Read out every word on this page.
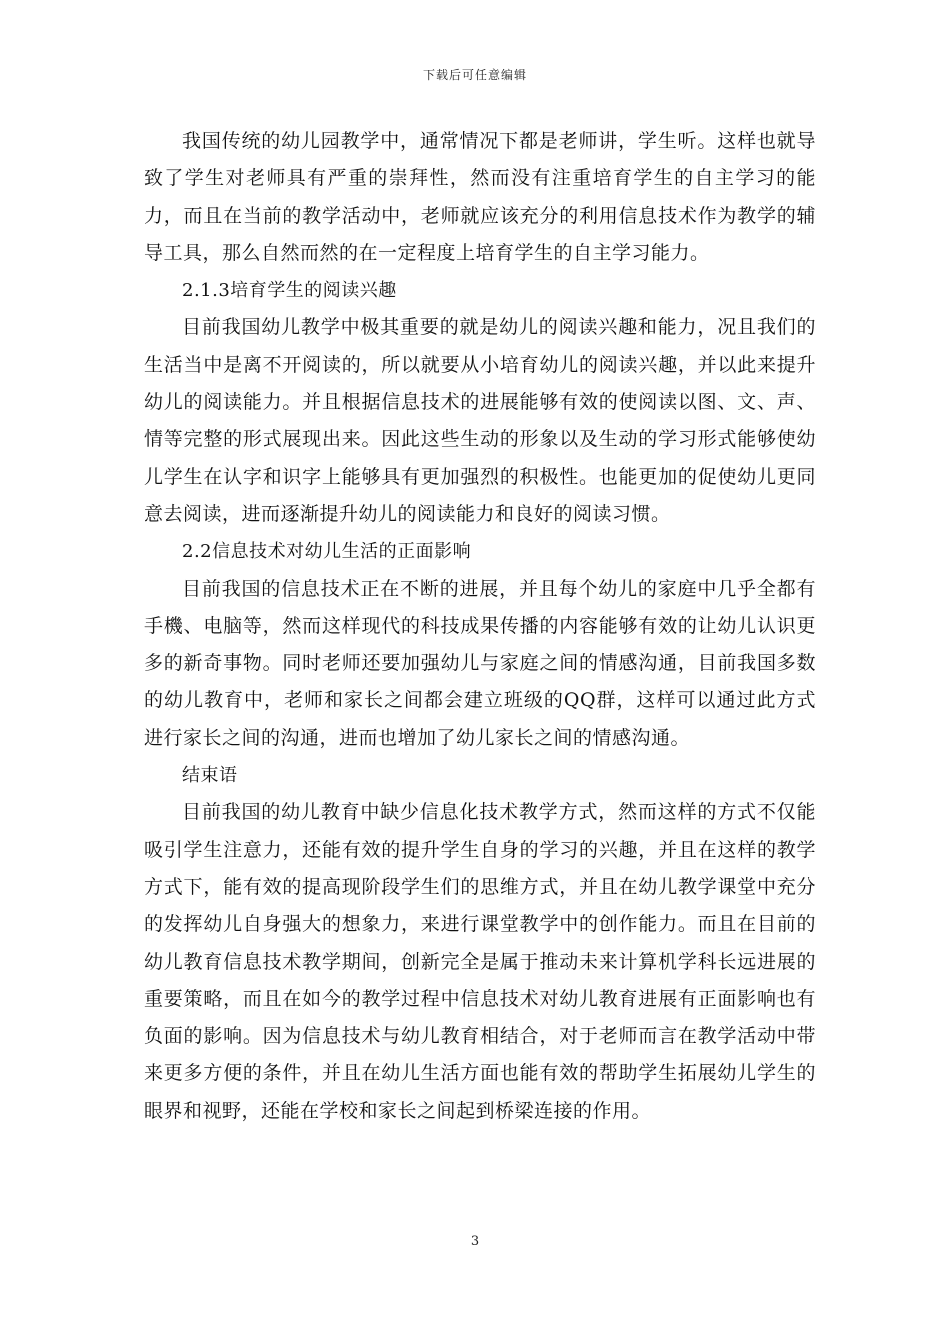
下载后可任意编辑

我国传统的幼儿园教学中，通常情况下都是老师讲，学生听。这样也就导致了学生对老师具有严重的崇拜性，然而没有注重培育学生的自主学习的能力，而且在当前的教学活动中，老师就应该充分的利用信息技术作为教学的辅导工具，那么自然而然的在一定程度上培育学生的自主学习能力。

2.1.3培育学生的阅读兴趣

目前我国幼儿教学中极其重要的就是幼儿的阅读兴趣和能力，况且我们的生活当中是离不开阅读的，所以就要从小培育幼儿的阅读兴趣，并以此来提升幼儿的阅读能力。并且根据信息技术的进展能够有效的使阅读以图、文、声、情等完整的形式展现出来。因此这些生动的形象以及生动的学习形式能够使幼儿学生在认字和识字上能够具有更加强烈的积极性。也能更加的促使幼儿更同意去阅读，进而逐渐提升幼儿的阅读能力和良好的阅读习惯。

2.2信息技术对幼儿生活的正面影响

目前我国的信息技术正在不断的进展，并且每个幼儿的家庭中几乎全都有手機、电脑等，然而这样现代的科技成果传播的内容能够有效的让幼儿认识更多的新奇事物。同时老师还要加强幼儿与家庭之间的情感沟通，目前我国多数的幼儿教育中，老师和家长之间都会建立班级的QQ群，这样可以通过此方式进行家长之间的沟通，进而也增加了幼儿家长之间的情感沟通。

结束语

目前我国的幼儿教育中缺少信息化技术教学方式，然而这样的方式不仅能吸引学生注意力，还能有效的提升学生自身的学习的兴趣，并且在这样的教学方式下，能有效的提高现阶段学生们的思维方式，并且在幼儿教学课堂中充分的发挥幼儿自身强大的想象力，来进行课堂教学中的创作能力。而且在目前的幼儿教育信息技术教学期间，创新完全是属于推动未来计算机学科长远进展的重要策略，而且在如今的教学过程中信息技术对幼儿教育进展有正面影响也有负面的影响。因为信息技术与幼儿教育相结合，对于老师而言在教学活动中带来更多方便的条件，并且在幼儿生活方面也能有效的帮助学生拓展幼儿学生的眼界和视野，还能在学校和家长之间起到桥梁连接的作用。

3
